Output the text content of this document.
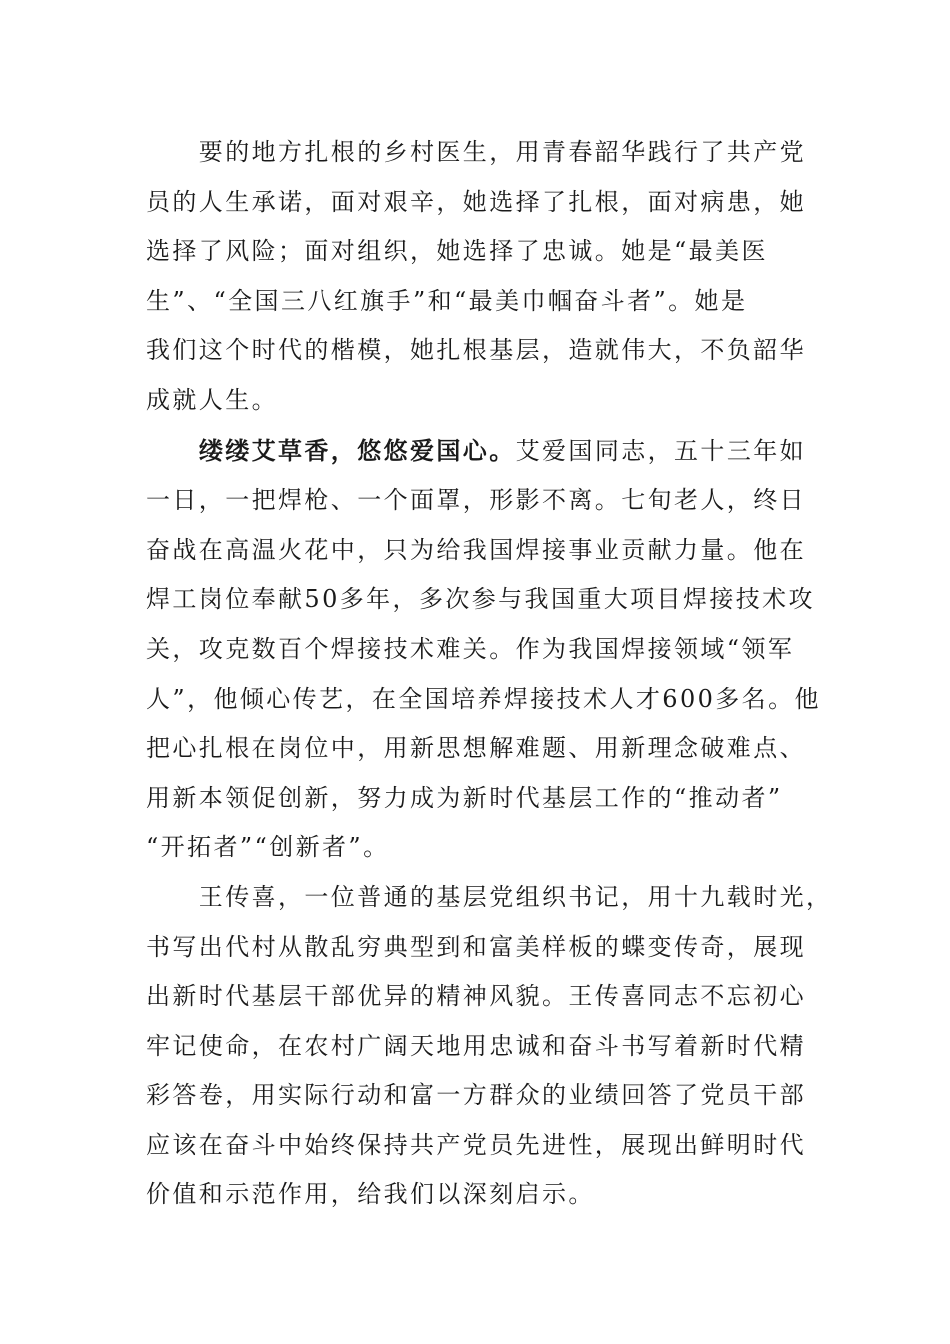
　　要的地方扎根的乡村医生，用青春韶华践行了共产党
员的人生承诺，面对艰辛，她选择了扎根，面对病患，她
选择了风险；面对组织，她选择了忠诚。她是“最美医
生”、“全国三八红旗手”和“最美巾帼奋斗者”。她是
我们这个时代的楷模，她扎根基层，造就伟大，不负韶华
成就人生。
　　缕缕艾草香，悠悠爱国心。艾爱国同志，五十三年如
一日，一把焊枪、一个面罩，形影不离。七旬老人，终日
奋战在高温火花中，只为给我国焊接事业贡献力量。他在
焊工岗位奉献50多年，多次参与我国重大项目焊接技术攻
关，攻克数百个焊接技术难关。作为我国焊接领域“领军
人”，他倾心传艺，在全国培养焊接技术人才600多名。他
把心扎根在岗位中，用新思想解难题、用新理念破难点、
用新本领促创新，努力成为新时代基层工作的“推动者”
“开拓者”“创新者”。
　　王传喜，一位普通的基层党组织书记，用十九载时光，
书写出代村从散乱穷典型到和富美样板的蝶变传奇，展现
出新时代基层干部优异的精神风貌。王传喜同志不忘初心
牢记使命，在农村广阔天地用忠诚和奋斗书写着新时代精
彩答卷，用实际行动和富一方群众的业绩回答了党员干部
应该在奋斗中始终保持共产党员先进性，展现出鲜明时代
价值和示范作用，给我们以深刻启示。
